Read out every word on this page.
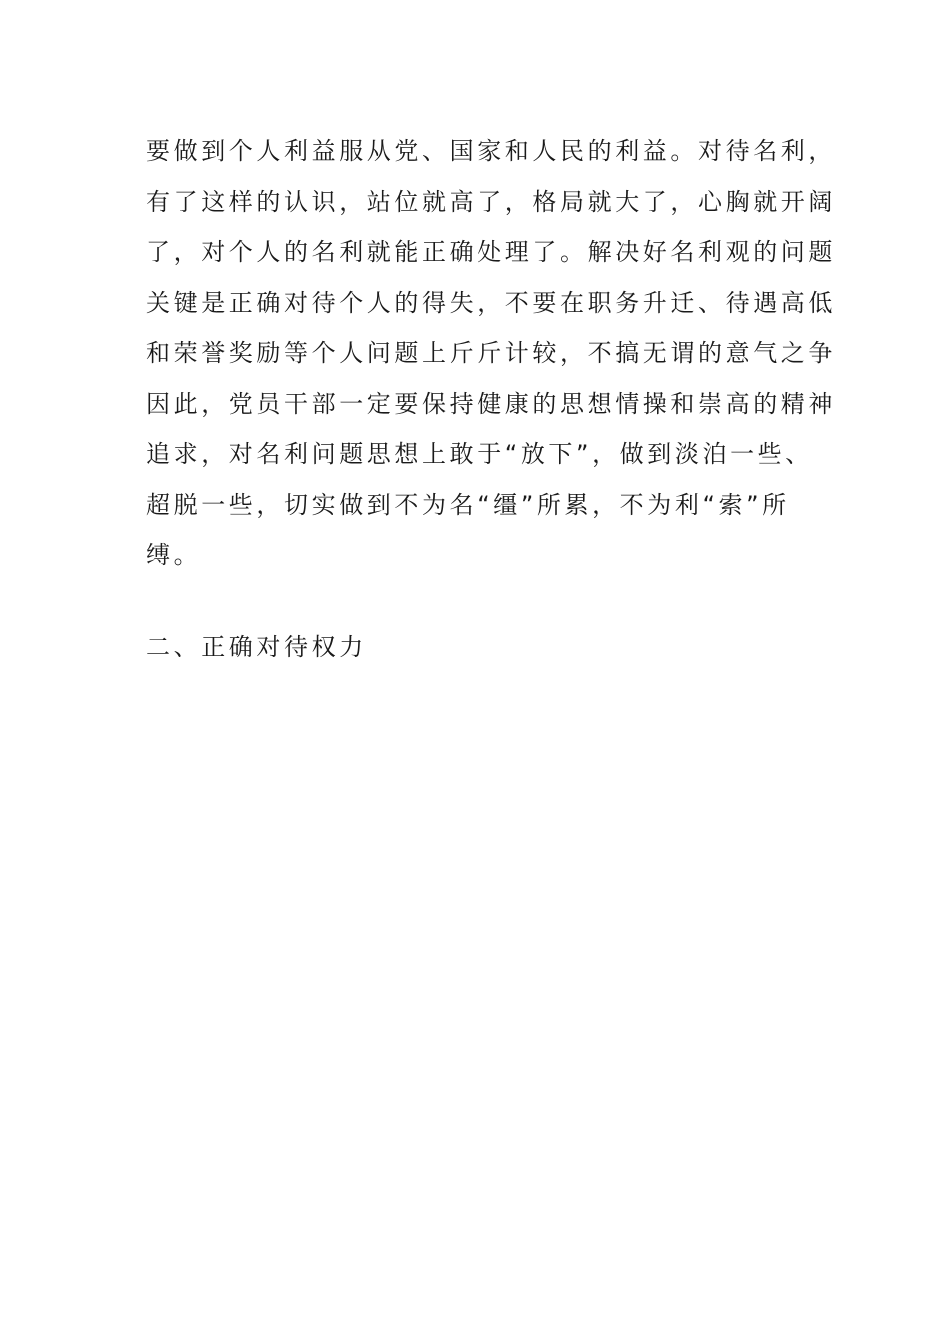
要做到个人利益服从党、国家和人民的利益。对待名利，
有了这样的认识，站位就高了，格局就大了，心胸就开阔
了，对个人的名利就能正确处理了。解决好名利观的问题
关键是正确对待个人的得失，不要在职务升迁、待遇高低
和荣誉奖励等个人问题上斤斤计较，不搞无谓的意气之争
因此，党员干部一定要保持健康的思想情操和崇高的精神
追求，对名利问题思想上敢于“放下”，做到淡泊一些、
超脱一些，切实做到不为名“缰”所累，不为利“索”所
缚。

二、正确对待权力
